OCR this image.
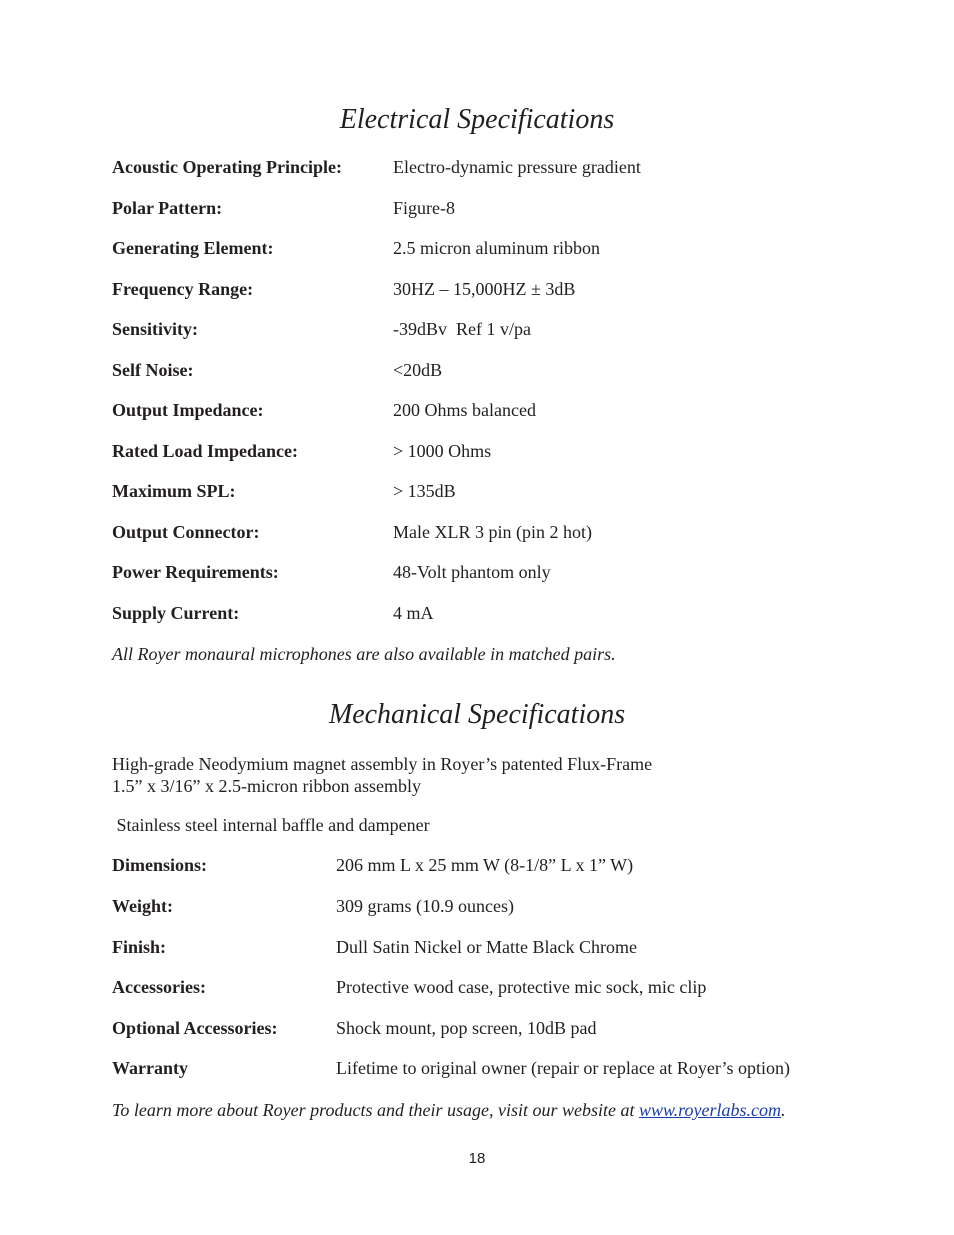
Electrical Specifications
Acoustic Operating Principle:	Electro-dynamic pressure gradient
Polar Pattern:	Figure-8
Generating Element:	2.5 micron aluminum ribbon
Frequency Range:	30HZ – 15,000HZ ± 3dB
Sensitivity:	-39dBv  Ref 1 v/pa
Self Noise:	<20dB
Output Impedance:	200 Ohms balanced
Rated Load Impedance:	> 1000 Ohms
Maximum SPL:	> 135dB
Output Connector:	Male XLR 3 pin (pin 2 hot)
Power Requirements:	48-Volt phantom only
Supply Current:	4 mA
All Royer monaural microphones are also available in matched pairs.
Mechanical Specifications
High-grade Neodymium magnet assembly in Royer’s patented Flux-Frame
1.5” x 3/16” x 2.5-micron ribbon assembly
Stainless steel internal baffle and dampener
Dimensions:	206 mm L x 25 mm W (8-1/8” L x 1” W)
Weight:	309 grams (10.9 ounces)
Finish:	Dull Satin Nickel or Matte Black Chrome
Accessories:	Protective wood case, protective mic sock, mic clip
Optional Accessories:	Shock mount, pop screen, 10dB pad
Warranty	Lifetime to original owner (repair or replace at Royer’s option)
To learn more about Royer products and their usage, visit our website at www.royerlabs.com.
18
